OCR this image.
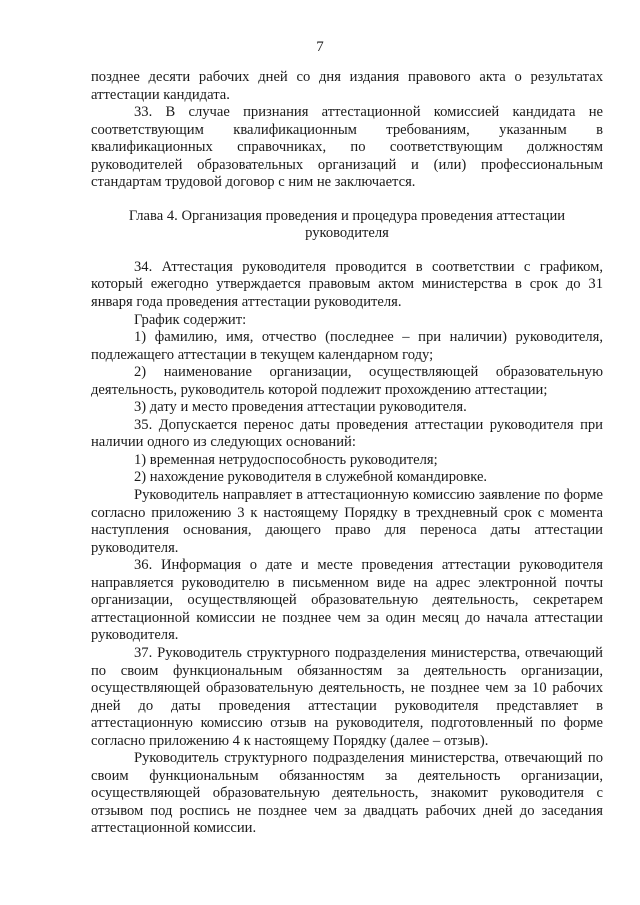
7

позднее десяти рабочих дней со дня издания правового акта о результатах аттестации кандидата.

33. В случае признания аттестационной комиссией кандидата не соответствующим квалификационным требованиям, указанным в квалификационных справочниках, по соответствующим должностям руководителей образовательных организаций и (или) профессиональным стандартам трудовой договор с ним не заключается.

Глава 4. Организация проведения и процедура проведения аттестации руководителя

34. Аттестация руководителя проводится в соответствии с графиком, который ежегодно утверждается правовым актом министерства в срок до 31 января года проведения аттестации руководителя.

График содержит:

1) фамилию, имя, отчество (последнее – при наличии) руководителя, подлежащего аттестации в текущем календарном году;

2) наименование организации, осуществляющей образовательную деятельность, руководитель которой подлежит прохождению аттестации;

3) дату и место проведения аттестации руководителя.

35. Допускается перенос даты проведения аттестации руководителя при наличии одного из следующих оснований:

1) временная нетрудоспособность руководителя;

2) нахождение руководителя в служебной командировке.

Руководитель направляет в аттестационную комиссию заявление по форме согласно приложению 3 к настоящему Порядку в трехдневный срок с момента наступления основания, дающего право для переноса даты аттестации руководителя.

36. Информация о дате и месте проведения аттестации руководителя направляется руководителю в письменном виде на адрес электронной почты организации, осуществляющей образовательную деятельность, секретарем аттестационной комиссии не позднее чем за один месяц до начала аттестации руководителя.

37. Руководитель структурного подразделения министерства, отвечающий по своим функциональным обязанностям за деятельность организации, осуществляющей образовательную деятельность, не позднее чем за 10 рабочих дней до даты проведения аттестации руководителя представляет в аттестационную комиссию отзыв на руководителя, подготовленный по форме согласно приложению 4 к настоящему Порядку (далее – отзыв).

Руководитель структурного подразделения министерства, отвечающий по своим функциональным обязанностям за деятельность организации, осуществляющей образовательную деятельность, знакомит руководителя с отзывом под роспись не позднее чем за двадцать рабочих дней до заседания аттестационной комиссии.
